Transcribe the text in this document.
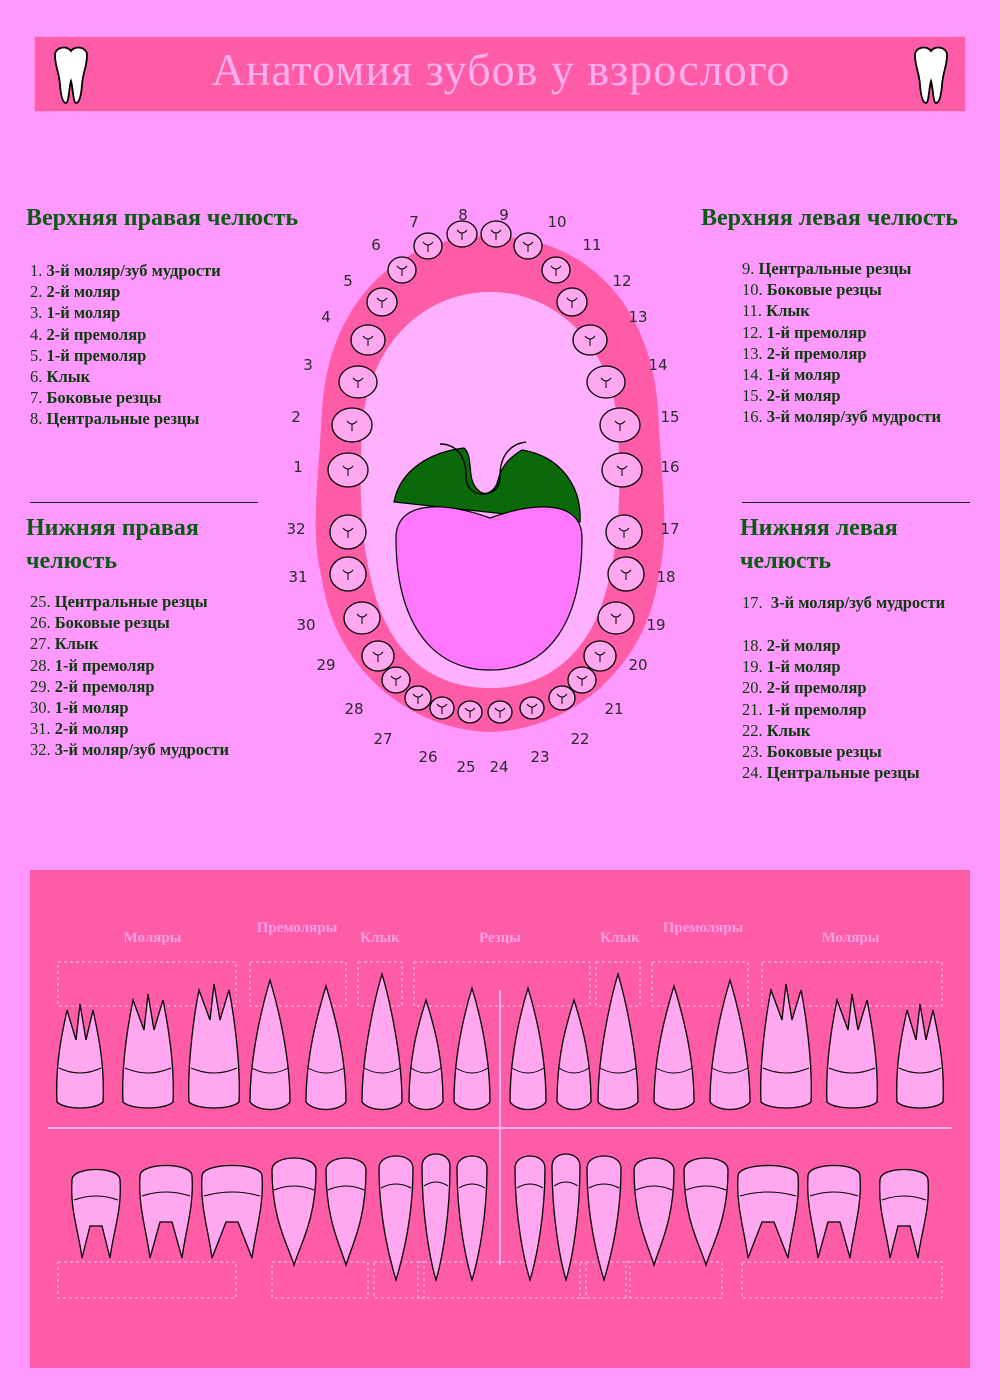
Анатомия зубов у взрослого
Верхняя правая челюсть
1. 3-й моляр/зуб мудрости
2. 2-й моляр
3. 1-й моляр
4. 2-й премоляр
5. 1-й премоляр
6. Клык
7. Боковые резцы
8. Центральные резцы
Верхняя левая челюсть
9. Центральные резцы
10. Боковые резцы
11. Клык
12. 1-й премоляр
13. 2-й премоляр
14. 1-й моляр
15. 2-й моляр
16. 3-й моляр/зуб мудрости
Нижняя правая
челюсть
25. Центральные резцы
26. Боковые резцы
27. Клык
28. 1-й премоляр
29. 2-й премоляр
30. 1-й моляр
31. 2-й моляр
32. 3-й моляр/зуб мудрости
Нижняя левая
челюсть
17. 3-й моляр/зуб мудрости
18. 2-й моляр
19. 1-й моляр
20. 2-й премоляр
21. 1-й премоляр
22. Клык
23. Боковые резцы
24. Центральные резцы
1
2
3
4
5
6
7	8 9	10
11
12
13
14
15
16
17
18
19
20
21
22
23
24
25
26
27
28
29
30
31
32
Моляры
Премоляры
Клык	Резцы	Клык
Премоляры
Моляры
